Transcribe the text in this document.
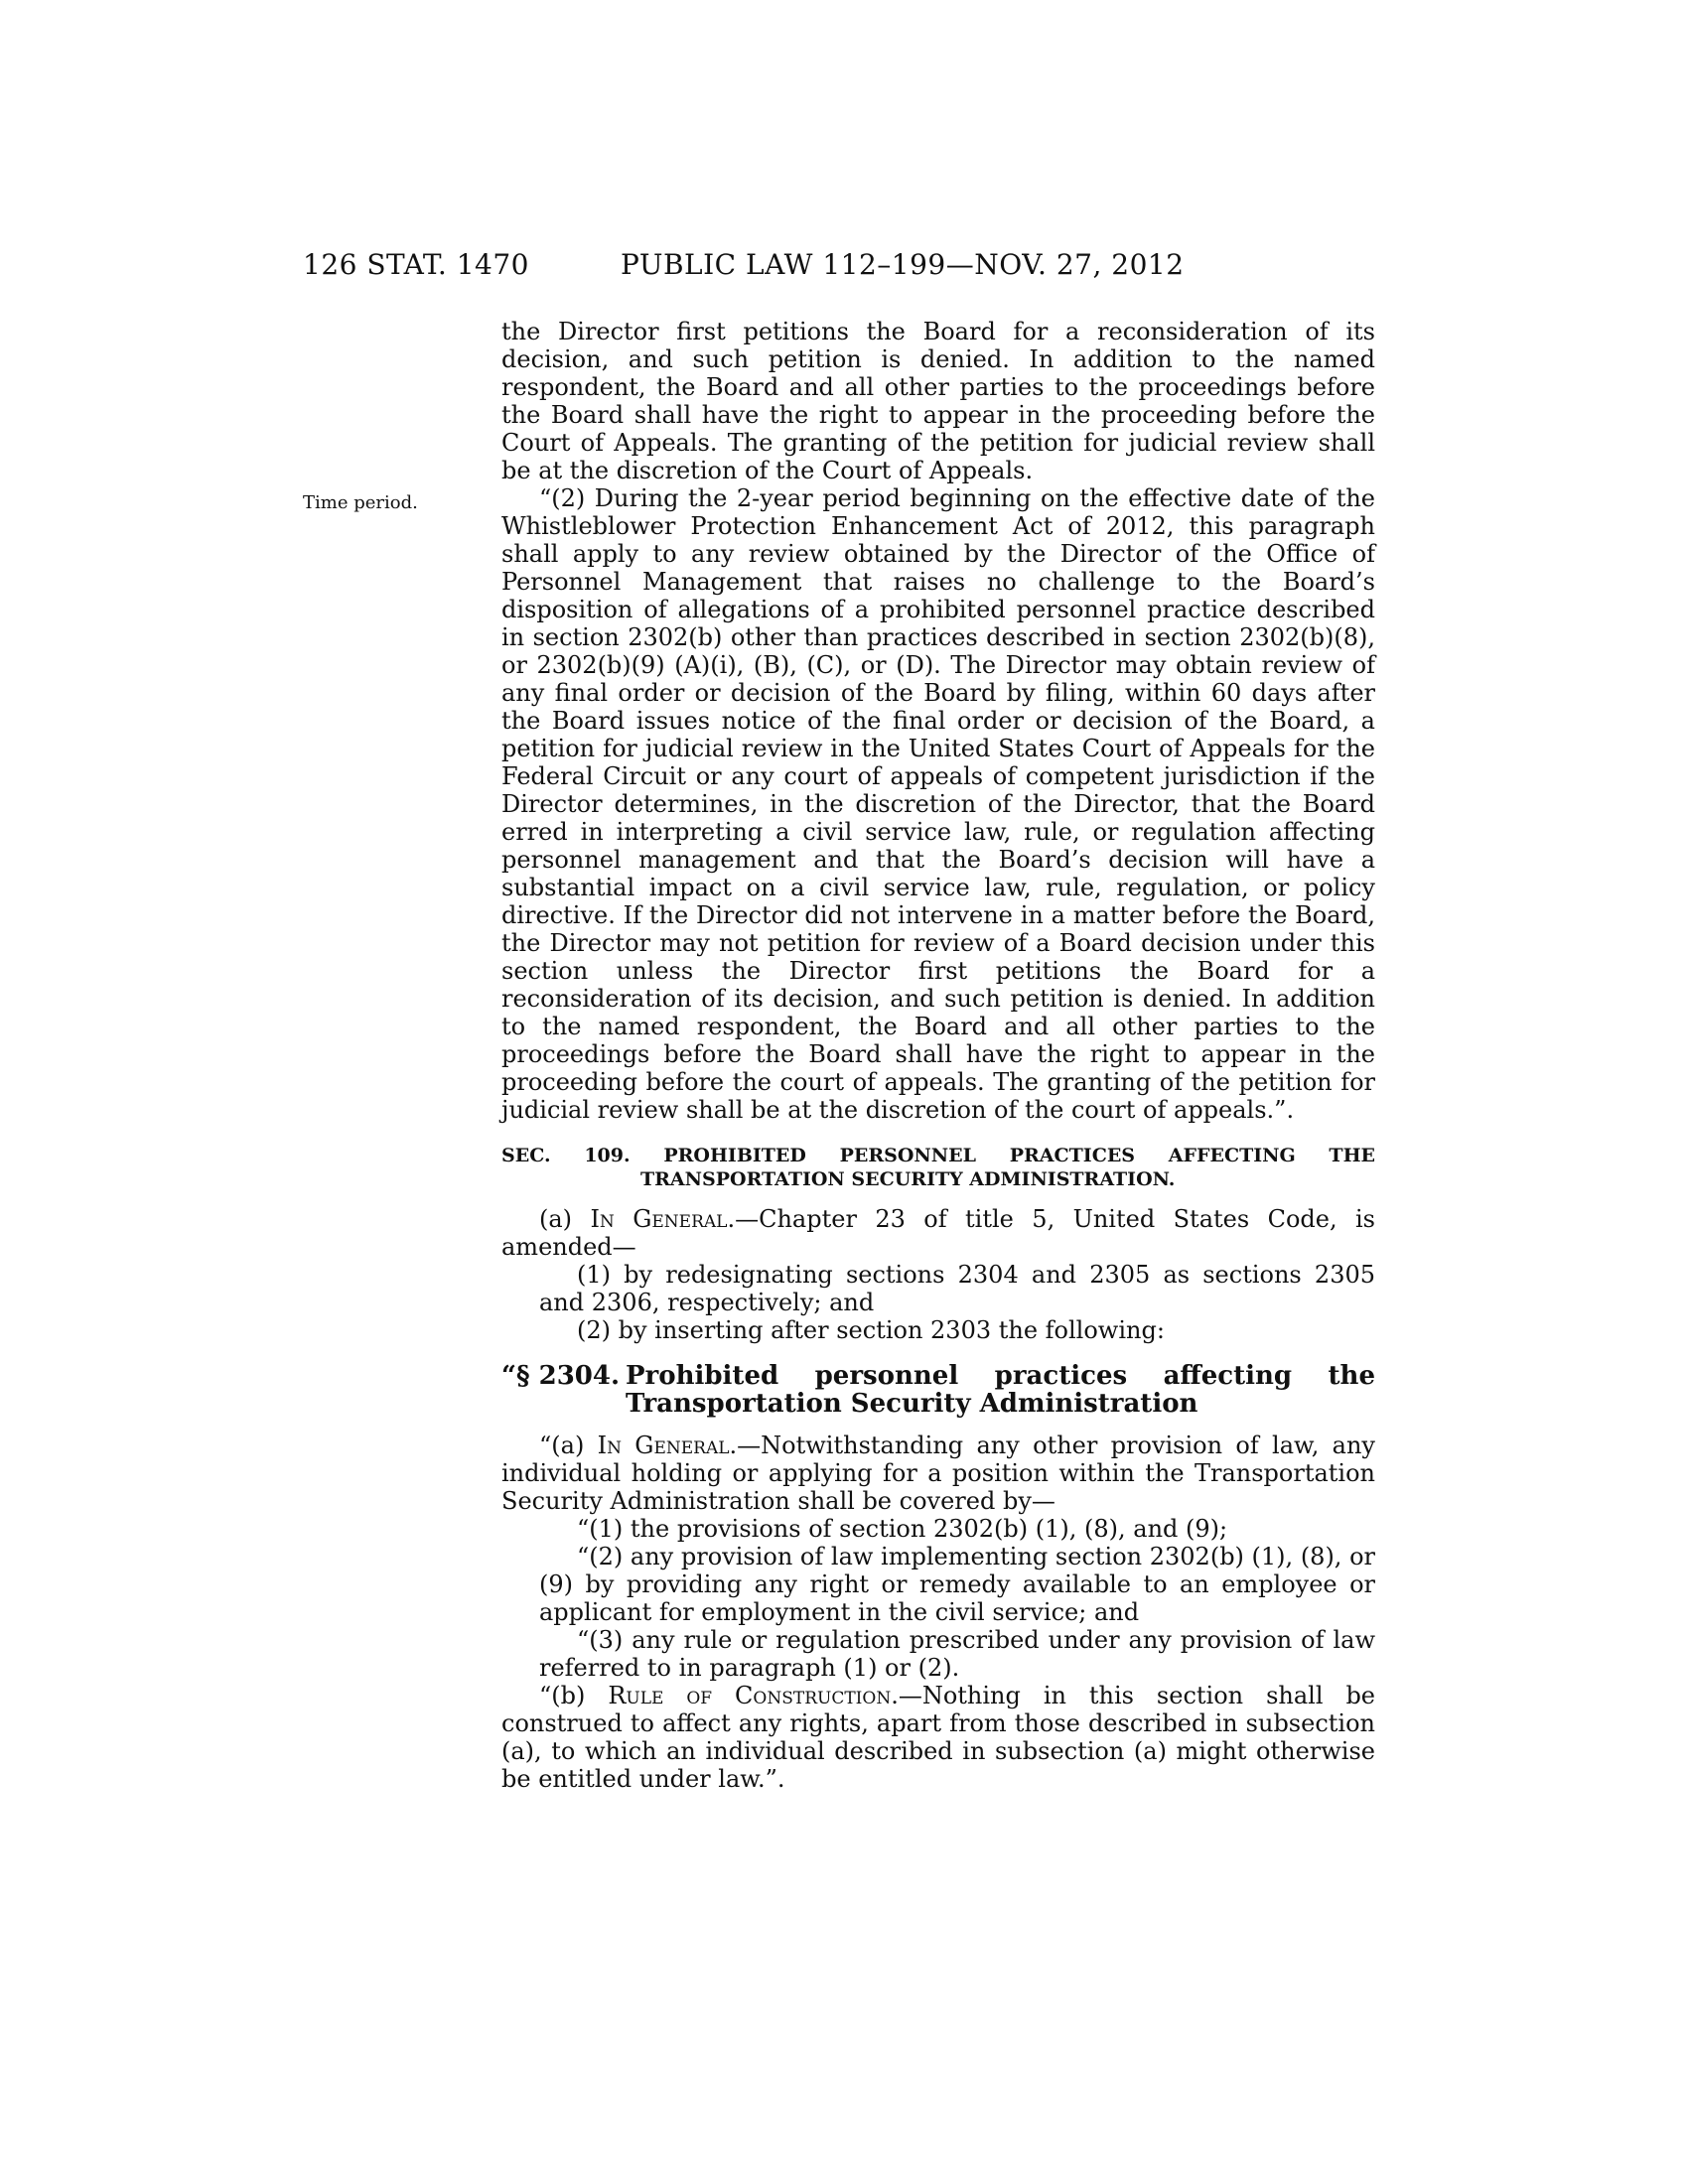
126 STAT. 1470	PUBLIC LAW 112–199—NOV. 27, 2012
Time period.

the Director first petitions the Board for a reconsideration of its decision, and such petition is denied. In addition to the named respondent, the Board and all other parties to the proceedings before the Board shall have the right to appear in the proceeding before the Court of Appeals. The granting of the petition for judicial review shall be at the discretion of the Court of Appeals.

“(2) During the 2-year period beginning on the effective date of the Whistleblower Protection Enhancement Act of 2012, this paragraph shall apply to any review obtained by the Director of the Office of Personnel Management that raises no challenge to the Board’s disposition of allegations of a prohibited personnel practice described in section 2302(b) other than practices described in section 2302(b)(8), or 2302(b)(9) (A)(i), (B), (C), or (D). The Director may obtain review of any final order or decision of the Board by filing, within 60 days after the Board issues notice of the final order or decision of the Board, a petition for judicial review in the United States Court of Appeals for the Federal Circuit or any court of appeals of competent jurisdiction if the Director determines, in the discretion of the Director, that the Board erred in interpreting a civil service law, rule, or regulation affecting personnel management and that the Board’s decision will have a substantial impact on a civil service law, rule, regulation, or policy directive. If the Director did not intervene in a matter before the Board, the Director may not petition for review of a Board decision under this section unless the Director first petitions the Board for a reconsideration of its decision, and such petition is denied. In addition to the named respondent, the Board and all other parties to the proceedings before the Board shall have the right to appear in the proceeding before the court of appeals. The granting of the petition for judicial review shall be at the discretion of the court of appeals.”.

SEC. 109. PROHIBITED PERSONNEL PRACTICES AFFECTING THE TRANSPORTATION SECURITY ADMINISTRATION.

(a) In General.—Chapter 23 of title 5, United States Code, is amended—

(1) by redesignating sections 2304 and 2305 as sections 2305 and 2306, respectively; and

(2) by inserting after section 2303 the following:

“§ 2304. Prohibited personnel practices affecting the
Transportation Security Administration

“(a) In General.—Notwithstanding any other provision of law, any individual holding or applying for a position within the Transportation Security Administration shall be covered by—

“(1) the provisions of section 2302(b) (1), (8), and (9);

“(2) any provision of law implementing section 2302(b) (1), (8), or (9) by providing any right or remedy available to an employee or applicant for employment in the civil service; and

“(3) any rule or regulation prescribed under any provision of law referred to in paragraph (1) or (2).

“(b) Rule of Construction.—Nothing in this section shall be construed to affect any rights, apart from those described in subsection (a), to which an individual described in subsection (a) might otherwise be entitled under law.”.
